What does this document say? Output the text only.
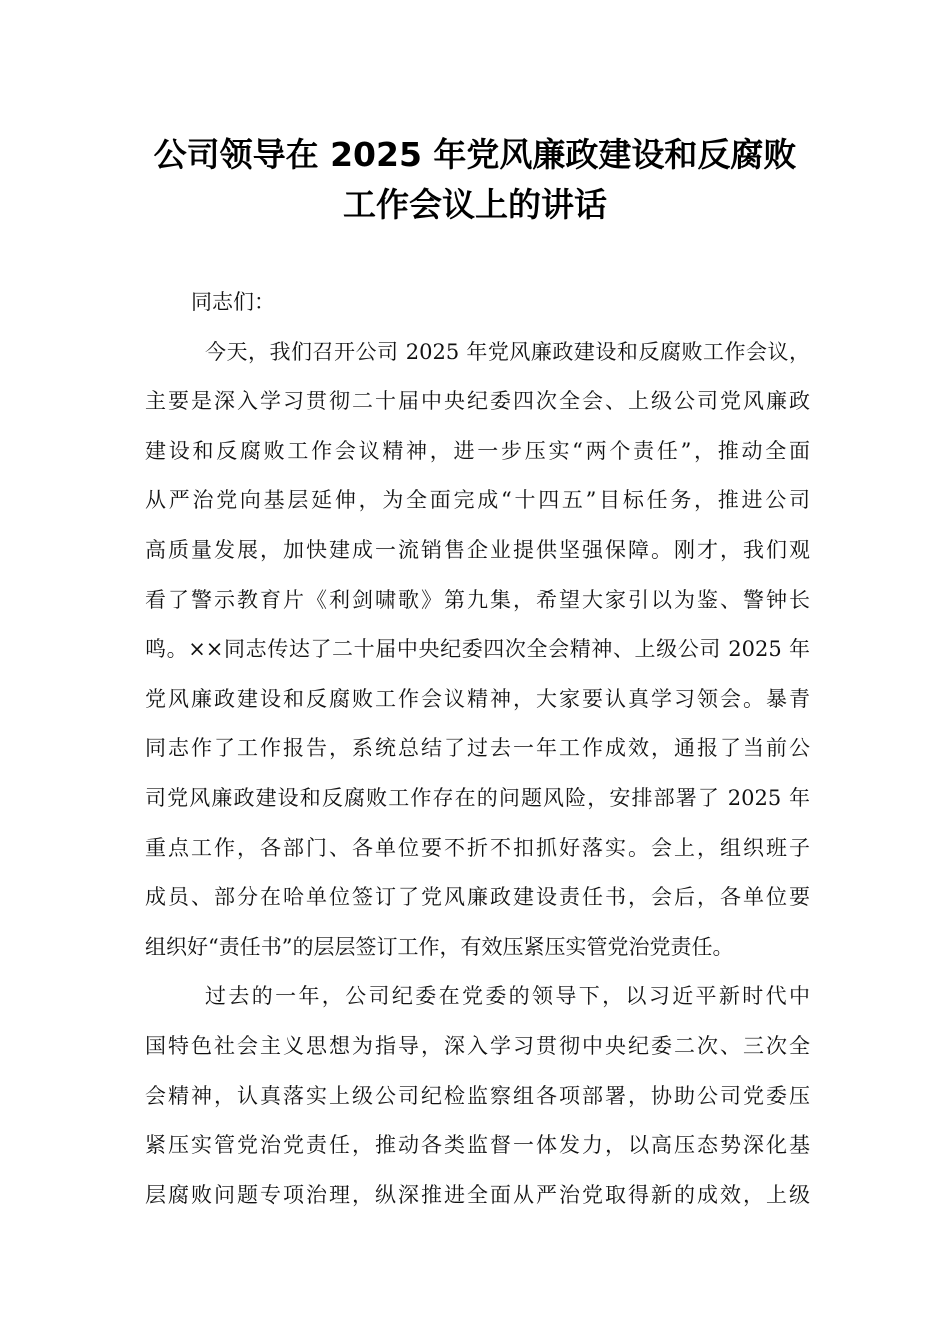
公司领导在 2025 年党风廉政建设和反腐败
工作会议上的讲话
同志们：
今天，我们召开公司 2025 年党风廉政建设和反腐败工作会议，
主要是深入学习贯彻二十届中央纪委四次全会、上级公司党风廉政
建设和反腐败工作会议精神，进一步压实“两个责任”，推动全面
从严治党向基层延伸，为全面完成“十四五”目标任务，推进公司
高质量发展，加快建成一流销售企业提供坚强保障。刚才，我们观
看了警示教育片《利剑啸歌》第九集，希望大家引以为鉴、警钟长
鸣。××同志传达了二十届中央纪委四次全会精神、上级公司 2025 年
党风廉政建设和反腐败工作会议精神，大家要认真学习领会。暴青
同志作了工作报告，系统总结了过去一年工作成效，通报了当前公
司党风廉政建设和反腐败工作存在的问题风险，安排部署了 2025 年
重点工作，各部门、各单位要不折不扣抓好落实。会上，组织班子
成员、部分在哈单位签订了党风廉政建设责任书，会后，各单位要
组织好“责任书”的层层签订工作，有效压紧压实管党治党责任。
过去的一年，公司纪委在党委的领导下，以习近平新时代中
国特色社会主义思想为指导，深入学习贯彻中央纪委二次、三次全
会精神，认真落实上级公司纪检监察组各项部署，协助公司党委压
紧压实管党治党责任，推动各类监督一体发力，以高压态势深化基
层腐败问题专项治理，纵深推进全面从严治党取得新的成效，上级
